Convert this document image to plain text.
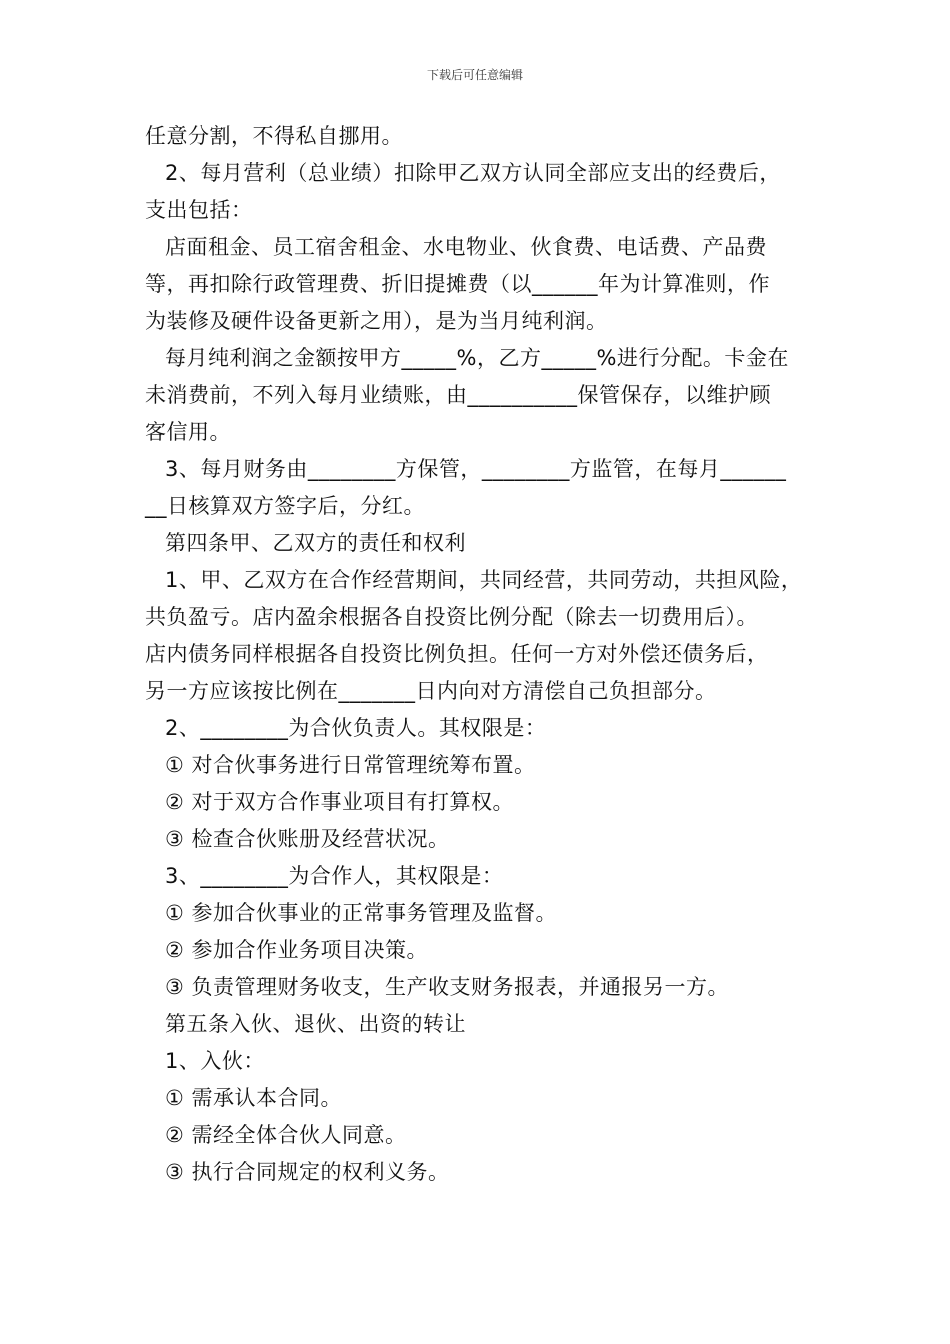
下载后可任意编辑
任意分割，不得私自挪用。
2、每月营利（总业绩）扣除甲乙双方认同全部应支出的经费后，
支出包括：
店面租金、员工宿舍租金、水电物业、伙食费、电话费、产品费
等，再扣除行政管理费、折旧提摊费（以______年为计算准则，作
为装修及硬件设备更新之用），是为当月纯利润。
每月纯利润之金额按甲方_____%，乙方_____%进行分配。卡金在
未消费前，不列入每月业绩账，由__________保管保存，以维护顾
客信用。
3、每月财务由________方保管，________方监管，在每月______
__日核算双方签字后，分红。
第四条甲、乙双方的责任和权利
1、甲、乙双方在合作经营期间，共同经营，共同劳动，共担风险，
共负盈亏。店内盈余根据各自投资比例分配（除去一切费用后）。
店内债务同样根据各自投资比例负担。任何一方对外偿还债务后，
另一方应该按比例在_______日内向对方清偿自己负担部分。
2、________为合伙负责人。其权限是：
① 对合伙事务进行日常管理统筹布置。
② 对于双方合作事业项目有打算权。
③ 检查合伙账册及经营状况。
3、________为合作人，其权限是：
① 参加合伙事业的正常事务管理及监督。
② 参加合作业务项目决策。
③ 负责管理财务收支，生产收支财务报表，并通报另一方。
第五条入伙、退伙、出资的转让
1、入伙：
① 需承认本合同。
② 需经全体合伙人同意。
③ 执行合同规定的权利义务。
